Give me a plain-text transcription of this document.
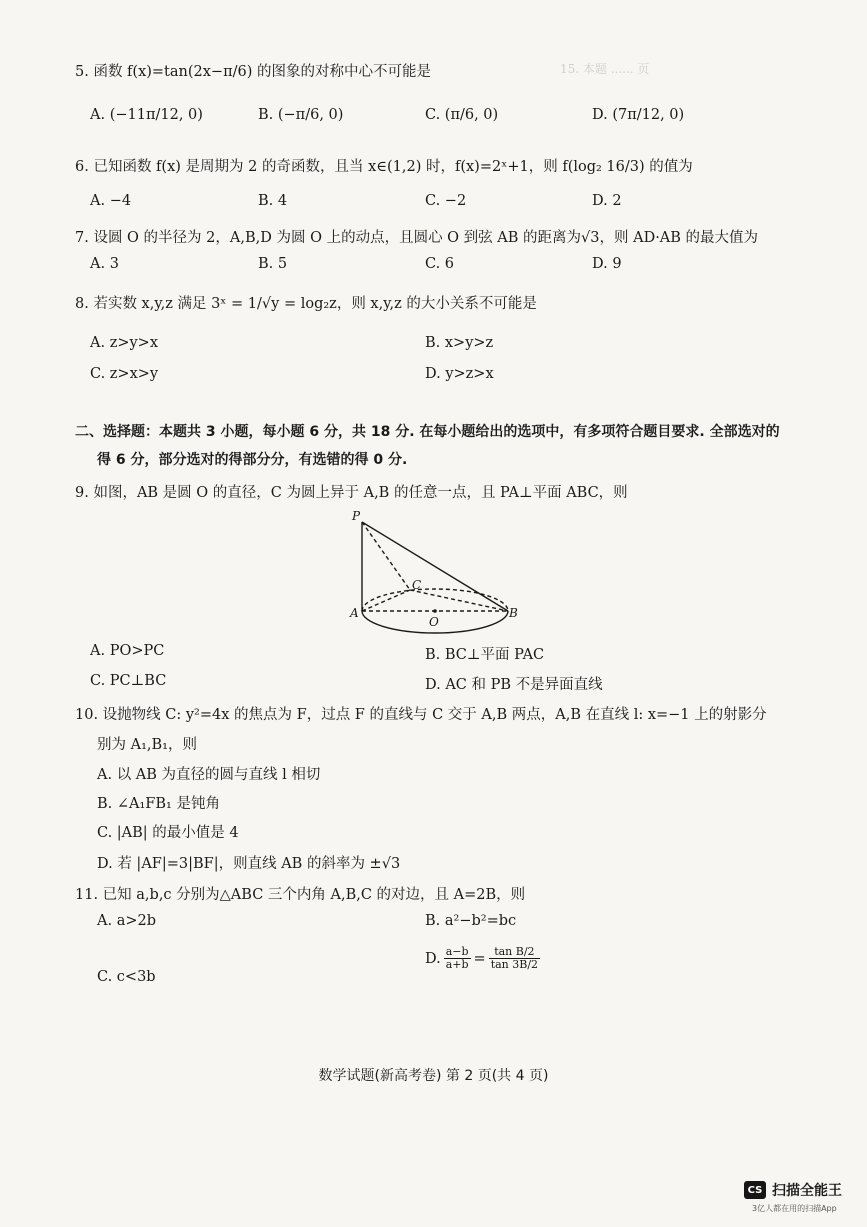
15. 本题 ...... 页
5. 函数 f(x)=tan(2x−π/6) 的图象的对称中心不可能是
A. (−11π/12, 0)	B. (−π/6, 0)	C. (π/6, 0)	D. (7π/12, 0)
6. 已知函数 f(x) 是周期为 2 的奇函数，且当 x∈(1,2) 时，f(x)=2ˣ+1，则 f(log₂ 16/3) 的值为
A. −4	B. 4	C. −2	D. 2
7. 设圆 O 的半径为 2，A,B,D 为圆 O 上的动点，且圆心 O 到弦 AB 的距离为√3，则 AD·AB 的最大值为
A. 3	B. 5	C. 6	D. 9
8. 若实数 x,y,z 满足 3ˣ = 1/√y = log₂z，则 x,y,z 的大小关系不可能是
A. z>y>x	B. x>y>z
C. z>x>y	D. y>z>x
二、选择题：本题共 3 小题，每小题 6 分，共 18 分. 在每小题给出的选项中，有多项符合题目要求. 全部选对的
得 6 分，部分选对的得部分分，有选错的得 0 分.
9. 如图，AB 是圆 O 的直径，C 为圆上异于 A,B 的任意一点，且 PA⊥平面 ABC，则
P
C
A
O
B
A. PO>PC	B. BC⊥平面 PAC
C. PC⊥BC	D. AC 和 PB 不是异面直线
10. 设抛物线 C: y²=4x 的焦点为 F，过点 F 的直线与 C 交于 A,B 两点，A,B 在直线 l: x=−1 上的射影分
别为 A₁,B₁，则
A. 以 AB 为直径的圆与直线 l 相切
B. ∠A₁FB₁ 是钝角
C. |AB| 的最小值是 4
D. 若 |AF|=3|BF|，则直线 AB 的斜率为 ±√3
11. 已知 a,b,c 分别为△ABC 三个内角 A,B,C 的对边，且 A=2B，则
A. a>2b	B. a²−b²=bc
C. c<3b
D. $\frac{a-b}{a+b} = \frac{\text{tan B/2}}{\tan 3B/2}$
数学试题(新高考卷) 第 2 页(共 4 页)
CS 扫描全能王
3亿人都在用的扫描App
